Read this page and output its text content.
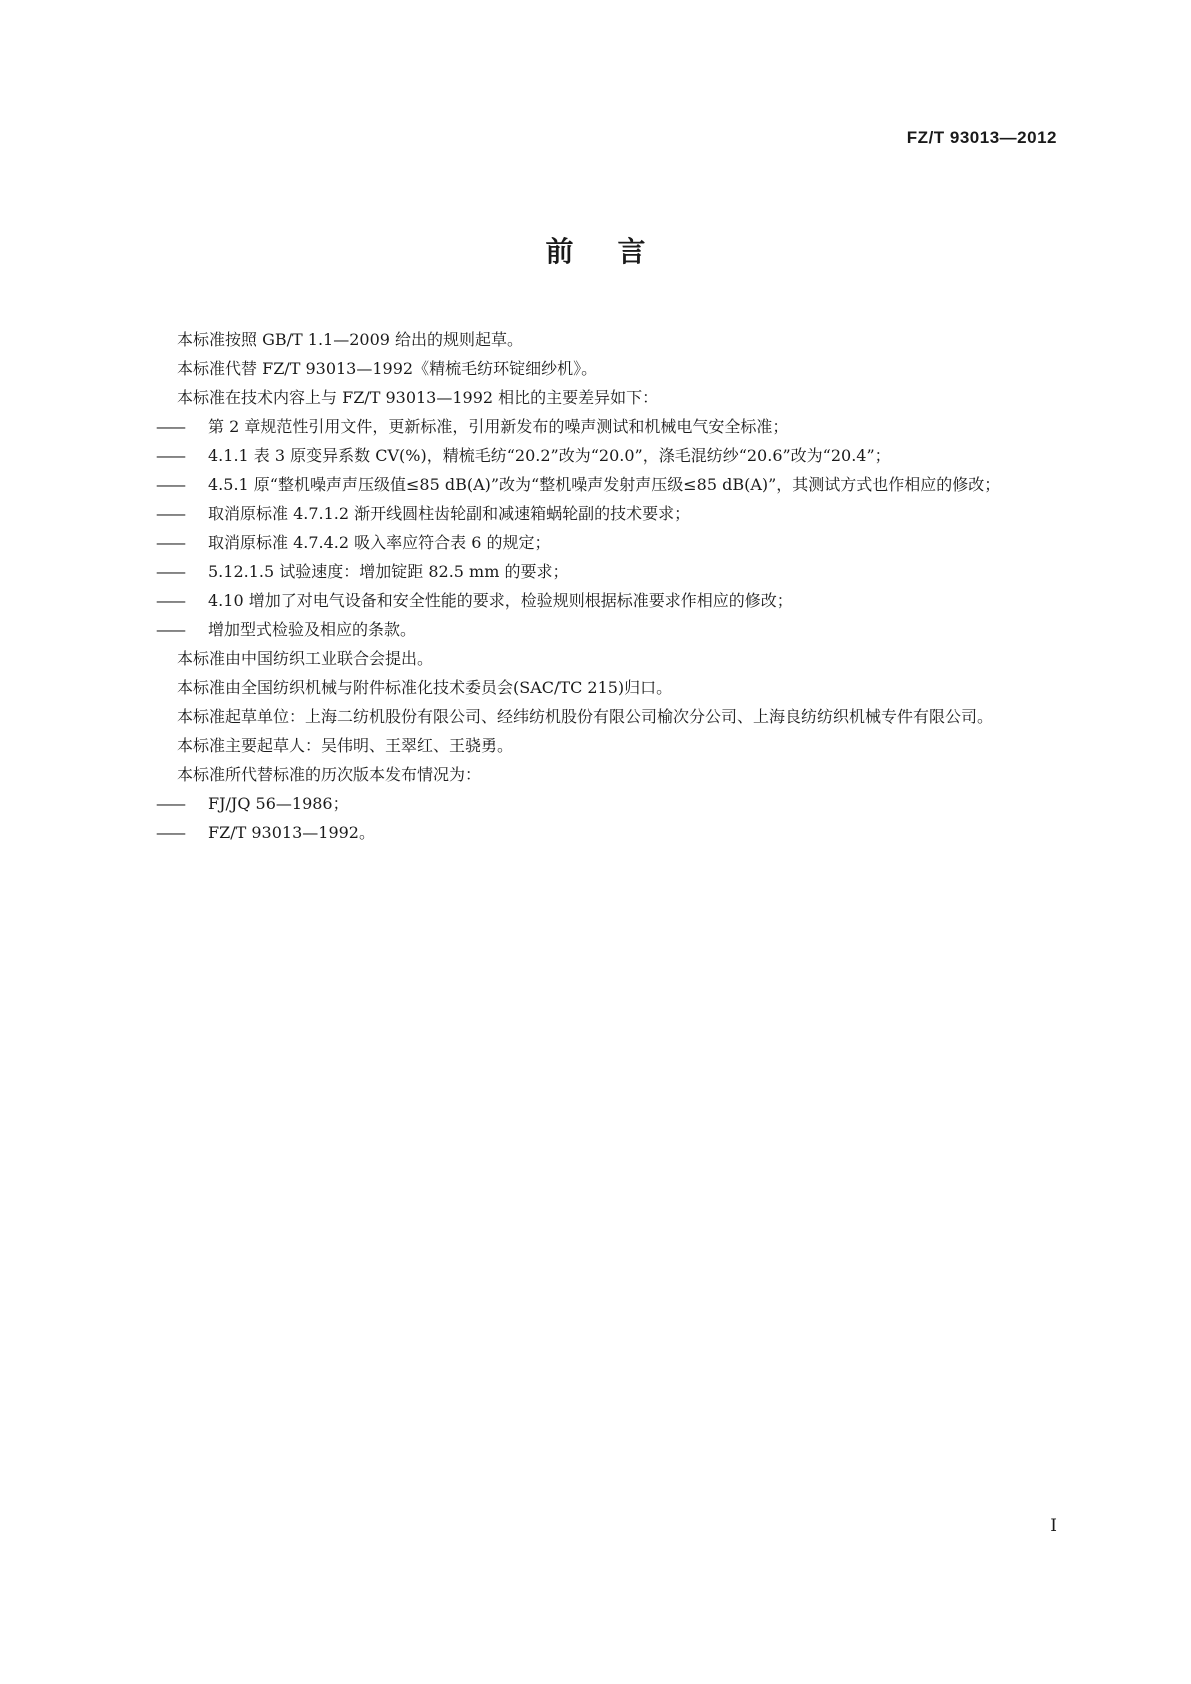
FZ/T 93013—2012
前言

本标准按照 GB/T 1.1—2009 给出的规则起草。

本标准代替 FZ/T 93013—1992《精梳毛纺环锭细纱机》。

本标准在技术内容上与 FZ/T 93013—1992 相比的主要差异如下：

—— 第 2 章规范性引用文件，更新标准，引用新发布的噪声测试和机械电气安全标准；

—— 4.1.1 表 3 原变异系数 CV(%)，精梳毛纺“20.2”改为“20.0”，涤毛混纺纱“20.6”改为“20.4”；

—— 4.5.1 原“整机噪声声压级值≤85 dB(A)”改为“整机噪声发射声压级≤85 dB(A)”，其测试方式也作相应的修改；

—— 取消原标准 4.7.1.2 渐开线圆柱齿轮副和减速箱蜗轮副的技术要求；

—— 取消原标准 4.7.4.2 吸入率应符合表 6 的规定；

—— 5.12.1.5 试验速度：增加锭距 82.5 mm 的要求；

—— 4.10 增加了对电气设备和安全性能的要求，检验规则根据标准要求作相应的修改；

—— 增加型式检验及相应的条款。

本标准由中国纺织工业联合会提出。

本标准由全国纺织机械与附件标准化技术委员会(SAC/TC 215)归口。

本标准起草单位：上海二纺机股份有限公司、经纬纺机股份有限公司榆次分公司、上海良纺纺织机械专件有限公司。

本标准主要起草人：吴伟明、王翠红、王骁勇。

本标准所代替标准的历次版本发布情况为：

—— FJ/JQ 56—1986；

—— FZ/T 93013—1992。

I
